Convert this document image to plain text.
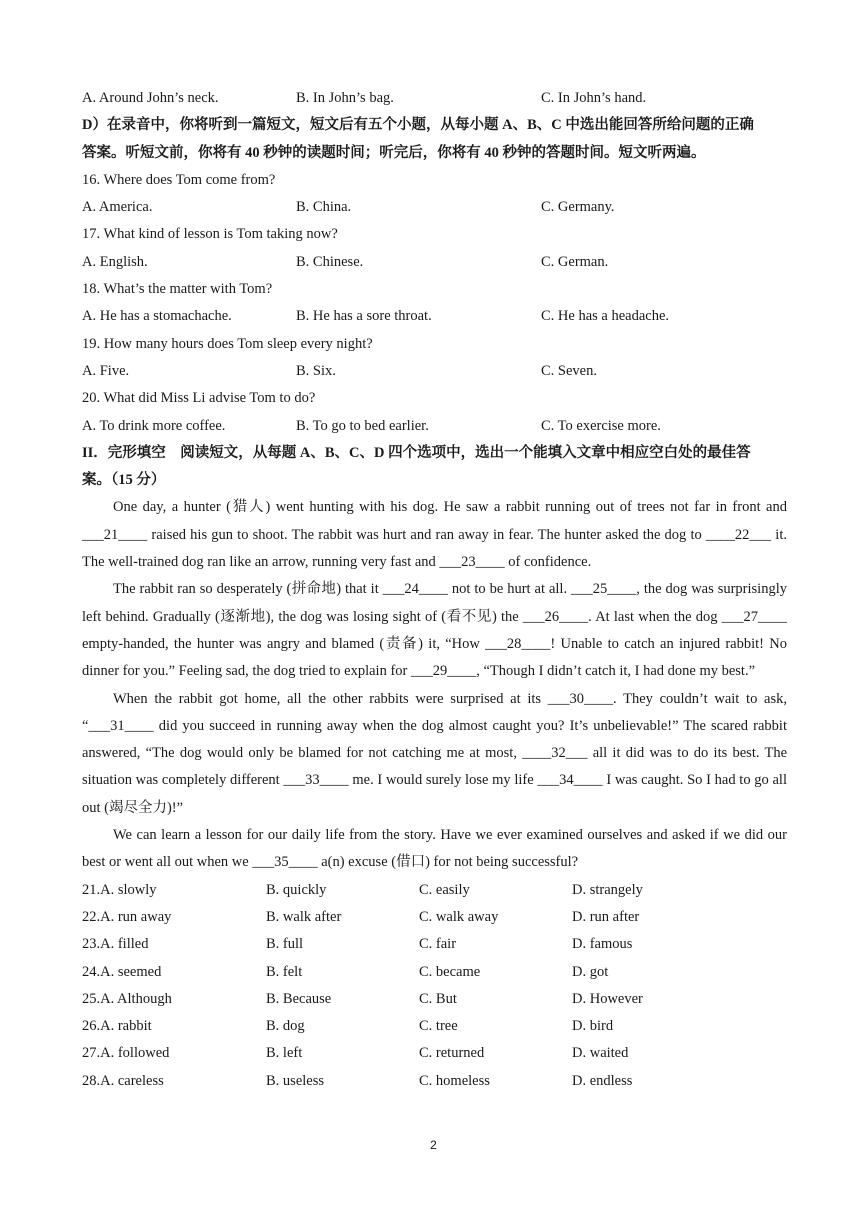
A. Around John’s neck.	B. In John’s bag.	C. In John’s hand.
D）在录音中，你将听到一篇短文，短文后有五个小题，从每小题 A、B、C 中选出能回答所给问题的正确
答案。听短文前，你将有 40 秒钟的读题时间；听完后，你将有 40 秒钟的答题时间。短文听两遍。
16. Where does Tom come from?
A. America.	B. China.	C. Germany.
17. What kind of lesson is Tom taking now?
A. English.	B. Chinese.	C. German.
18. What’s the matter with Tom?
A. He has a stomachache.	B. He has a sore throat.	C. He has a headache.
19. How many hours does Tom sleep every night?
A. Five.	B. Six.	C. Seven.
20. What did Miss Li advise Tom to do?
A. To drink more coffee.	B. To go to bed earlier.	C. To exercise more.
II．完形填空　阅读短文，从每题 A、B、C、D 四个选项中，选出一个能填入文章中相应空白处的最佳答
案。（15 分）
One day, a hunter (猎人) went hunting with his dog. He saw a rabbit running out of trees not far in front and ___21____ raised his gun to shoot. The rabbit was hurt and ran away in fear. The hunter asked the dog to ____22___ it. The well-trained dog ran like an arrow, running very fast and ___23____ of confidence.
The rabbit ran so desperately (拼命地) that it ___24____ not to be hurt at all. ___25____, the dog was surprisingly left behind. Gradually (逐渐地), the dog was losing sight of (看不见) the ___26____. At last when the dog ___27____ empty-handed, the hunter was angry and blamed (责备) it, “How ___28____! Unable to catch an injured rabbit! No dinner for you.” Feeling sad, the dog tried to explain for ___29____, “Though I didn’t catch it, I had done my best.”
When the rabbit got home, all the other rabbits were surprised at its ___30____. They couldn’t wait to ask, “___31____ did you succeed in running away when the dog almost caught you? It’s unbelievable!” The scared rabbit answered, “The dog would only be blamed for not catching me at most, ____32___ all it did was to do its best. The situation was completely different ___33____ me. I would surely lose my life ___34____ I was caught. So I had to go all out (竭尽全力)!”
We can learn a lesson for our daily life from the story. Have we ever examined ourselves and asked if we did our best or went all out when we ___35____ a(n) excuse (借口) for not being successful?
21.A. slowly	B. quickly	C. easily	D. strangely
22.A. run away	B. walk after	C. walk away	D. run after
23.A. filled	B. full	C. fair	D. famous
24.A. seemed	B. felt	C. became	D. got
25.A. Although	B. Because	C. But	D. However
26.A. rabbit	B. dog	C. tree	D. bird
27.A. followed	B. left	C. returned	D. waited
28.A. careless	B. useless	C. homeless	D. endless
2
